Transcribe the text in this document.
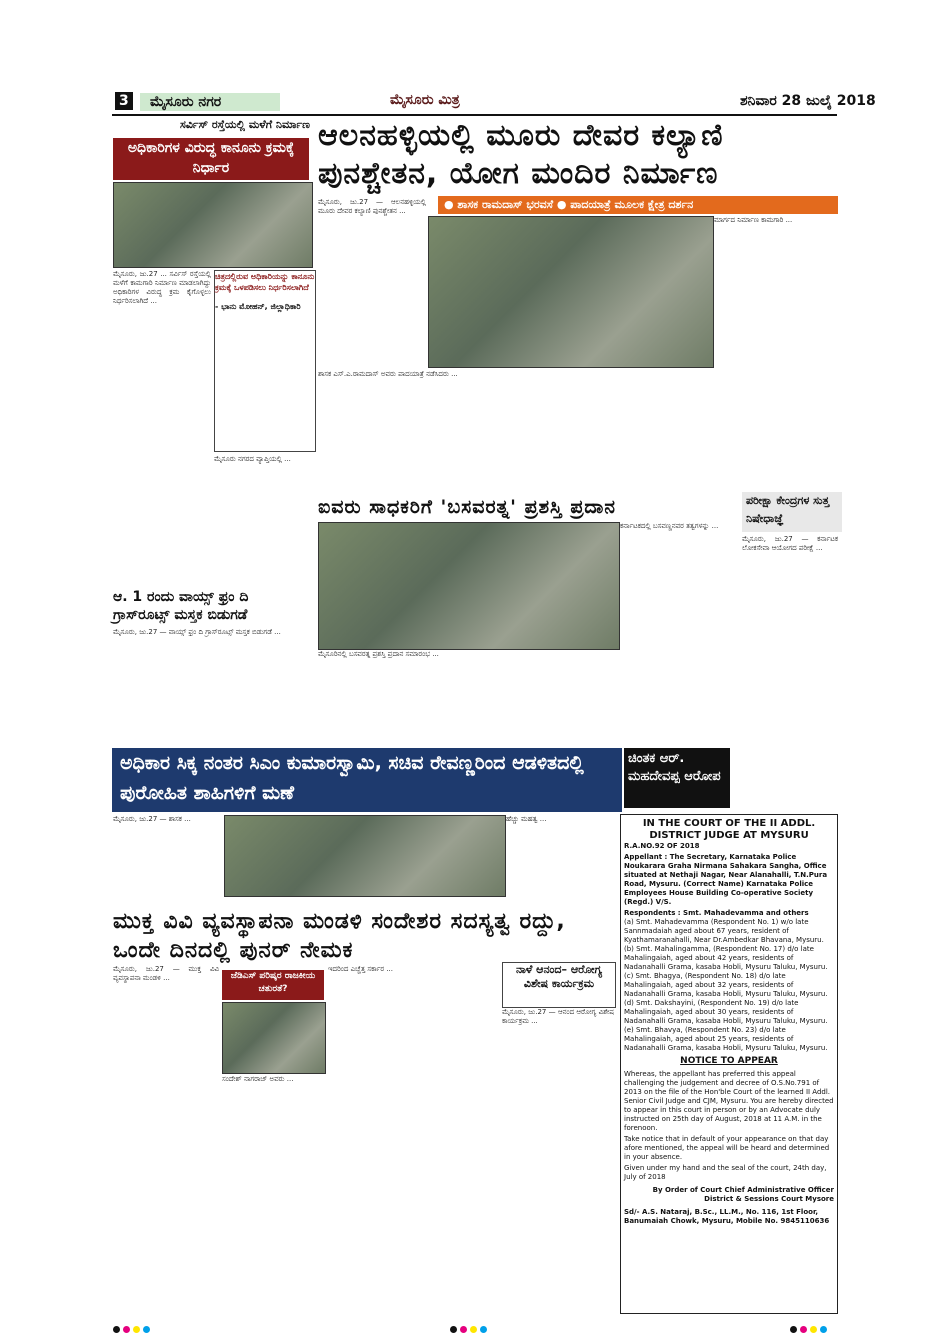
3	ಮೈಸೂರು ನಗರ	ಮೈಸೂರು ಮಿತ್ರ	ಶನಿವಾರ 28 ಜುಲೈ 2018
ಸರ್ವಿಸ್ ರಸ್ತೆಯಲ್ಲಿ ಮಳೆಗೆ ನಿರ್ಮಾಣ
ಅಧಿಕಾರಿಗಳ ವಿರುದ್ಧ ಕಾನೂನು ಕ್ರಮಕ್ಕೆ ನಿರ್ಧಾರ
ಮೈಸೂರು, ಜು.27 ... ಸರ್ವಿಸ್ ರಸ್ತೆಯಲ್ಲಿ ಮಳೆಗೆ ಕಾಮಗಾರಿ ನಿರ್ಮಾಣ ಮಾಡಲಾಗಿದ್ದು ಅಧಿಕಾರಿಗಳ ವಿರುದ್ಧ ಕ್ರಮ ಕೈಗೊಳ್ಳಲು ನಿರ್ಧರಿಸಲಾಗಿದೆ ...
ಚಿತ್ರದಲ್ಲಿರುವ ಅಧಿಕಾರಿಯನ್ನು ಕಾನೂನು ಕ್ರಮಕ್ಕೆ ಒಳಪಡಿಸಲು ನಿರ್ಧರಿಸಲಾಗಿದೆ
- ಭಾನು ಮೋಹನ್, ಜಿಲ್ಲಾಧಿಕಾರಿ
ಮೈಸೂರು ನಗರದ ವ್ಯಾಪ್ತಿಯಲ್ಲಿ ...
ಆಲನಹಳ್ಳಿಯಲ್ಲಿ ಮೂರು ದೇವರ ಕಲ್ಯಾಣಿ ಪುನಶ್ಚೇತನ, ಯೋಗ ಮಂದಿರ ನಿರ್ಮಾಣ
● ಶಾಸಕ ರಾಮದಾಸ್ ಭರವಸೆ ● ಪಾದಯಾತ್ರೆ ಮೂಲಕ ಕ್ಷೇತ್ರ ದರ್ಶನ
ಮೈಸೂರು, ಜು.27 — ಆಲನಹಳ್ಳಿಯಲ್ಲಿ ಮೂರು ದೇವರ ಕಲ್ಯಾಣಿ ಪುನಶ್ಚೇತನ ...
ಮಾರ್ಗದ ನಿರ್ಮಾಣ ಕಾಮಗಾರಿ ...
ಶಾಸಕ ಎಸ್.ಎ.ರಾಮದಾಸ್ ಅವರು ಪಾದಯಾತ್ರೆ ನಡೆಸಿದರು ...
ಐವರು ಸಾಧಕರಿಗೆ 'ಬಸವರತ್ನ' ಪ್ರಶಸ್ತಿ ಪ್ರದಾನ
ಮೈಸೂರಿನಲ್ಲಿ ಬಸವರತ್ನ ಪ್ರಶಸ್ತಿ ಪ್ರದಾನ ಸಮಾರಂಭ ...
ಕರ್ನಾಟಕದಲ್ಲಿ ಬಸವಣ್ಣನವರ ತತ್ವಗಳನ್ನು ...
ಆ. 1 ರಂದು ವಾಯ್ಸ್ ಫ್ರಂ ದಿ ಗ್ರಾಸ್‌ರೂಟ್ಸ್ ಮಸ್ತಕ ಬಿಡುಗಡೆ
ಮೈಸೂರು, ಜು.27 — ವಾಯ್ಸ್ ಫ್ರಂ ದಿ ಗ್ರಾಸ್‌ರೂಟ್ಸ್ ಮಸ್ತಕ ಬಿಡುಗಡೆ ...
ಪರೀಕ್ಷಾ ಕೇಂದ್ರಗಳ ಸುತ್ತ ನಿಷೇಧಾಜ್ಞೆ
ಮೈಸೂರು, ಜು.27 — ಕರ್ನಾಟಕ ಲೋಕಸೇವಾ ಆಯೋಗದ ಪರೀಕ್ಷೆ ...
ಅಧಿಕಾರ ಸಿಕ್ಕ ನಂತರ ಸಿಎಂ ಕುಮಾರಸ್ವಾಮಿ, ಸಚಿವ ರೇವಣ್ಣರಿಂದ ಆಡಳಿತದಲ್ಲಿ ಪುರೋಹಿತ ಶಾಹಿಗಳಿಗೆ ಮಣೆ
ಚಿಂತಕ ಆರ್. ಮಹದೇವಪ್ಪ ಆರೋಪ
ಮೈಸೂರು, ಜು.27 — ಶಾಸಕ ...	ಹೆಚ್ಚು ಮಹತ್ವ ...	IN THE COURT OF THE II ADDL. DISTRICT JUDGE AT MYSURU
R.A.NO.92 OF 2018
Appellant : The Secretary, Karnataka Police Noukarara Graha Nirmana Sahakara Sangha, Office situated at Nethaji Nagar, Near Alanahalli, T.N.Pura Road, Mysuru. (Correct Name) Karnataka Police Employees House Building Co-operative Society (Regd.) V/S.
Respondents : Smt. Mahadevamma and others
(a) Smt. Mahadevamma (Respondent No. 1) w/o late Sannmadaiah aged about 67 years, resident of Kyathamaranahalli, Near Dr.Ambedkar Bhavana, Mysuru.
(b) Smt. Mahalingamma, (Respondent No. 17) d/o late Mahalingaiah, aged about 42 years, residents of Nadanahalli Grama, kasaba Hobli, Mysuru Taluku, Mysuru.
(c) Smt. Bhagya, (Respondent No. 18) d/o late Mahalingaiah, aged about 32 years, residents of Nadanahalli Grama, kasaba Hobli, Mysuru Taluku, Mysuru.
(d) Smt. Dakshayini, (Respondent No. 19) d/o late Mahalingaiah, aged about 30 years, residents of Nadanahalli Grama, kasaba Hobli, Mysuru Taluku, Mysuru.
(e) Smt. Bhavya, (Respondent No. 23) d/o late Mahalingaiah, aged about 25 years, residents of Nadanahalli Grama, kasaba Hobli, Mysuru Taluku, Mysuru.
NOTICE TO APPEAR
Whereas, the appellant has preferred this appeal challenging the judgement and decree of O.S.No.791 of 2013 on the file of the Hon'ble Court of the learned II Addl. Senior Civil Judge and CJM, Mysuru. You are hereby directed to appear in this court in person or by an Advocate duly instructed on 25th day of August, 2018 at 11 A.M. in the forenoon.
Take notice that in default of your appearance on that day afore mentioned, the appeal will be heard and determined in your absence.
Given under my hand and the seal of the court, 24th day, July of 2018
By Order of Court Chief Administrative Officer District & Sessions Court Mysore
Sd/- A.S. Nataraj, B.Sc., LL.M., No. 116, 1st Floor, Banumaiah Chowk, Mysuru, Mobile No. 9845110636
ಮುಕ್ತ ವಿವಿ ವ್ಯವಸ್ಥಾಪನಾ ಮಂಡಳಿ ಸಂದೇಶರ ಸದಸ್ಯತ್ವ ರದ್ದು, ಒಂದೇ ದಿನದಲ್ಲಿ ಪುನರ್ ನೇಮಕ
ಮೈಸೂರು, ಜು.27 — ಮುಕ್ತ ವಿವಿ ವ್ಯವಸ್ಥಾಪನಾ ಮಂಡಳಿ ...	ಜೆಡಿಎಸ್ ಪರಿಷ್ಕರ ರಾಜಕೀಯ ಚತುರತೆ?
ಸಂದೇಶ್ ನಾಗರಾಜ್ ಅವರು ...
ಇದರಿಂದ ಎಚ್ಚೆತ್ತ ಸರ್ಕಾರ ...	ನಾಳೆ ಆನಂದ– ಆರೋಗ್ಯ ವಿಶೇಷ ಕಾರ್ಯಕ್ರಮ
ಮೈಸೂರು, ಜು.27 — ಆನಂದ ಆರೋಗ್ಯ ವಿಶೇಷ ಕಾರ್ಯಕ್ರಮ ...
